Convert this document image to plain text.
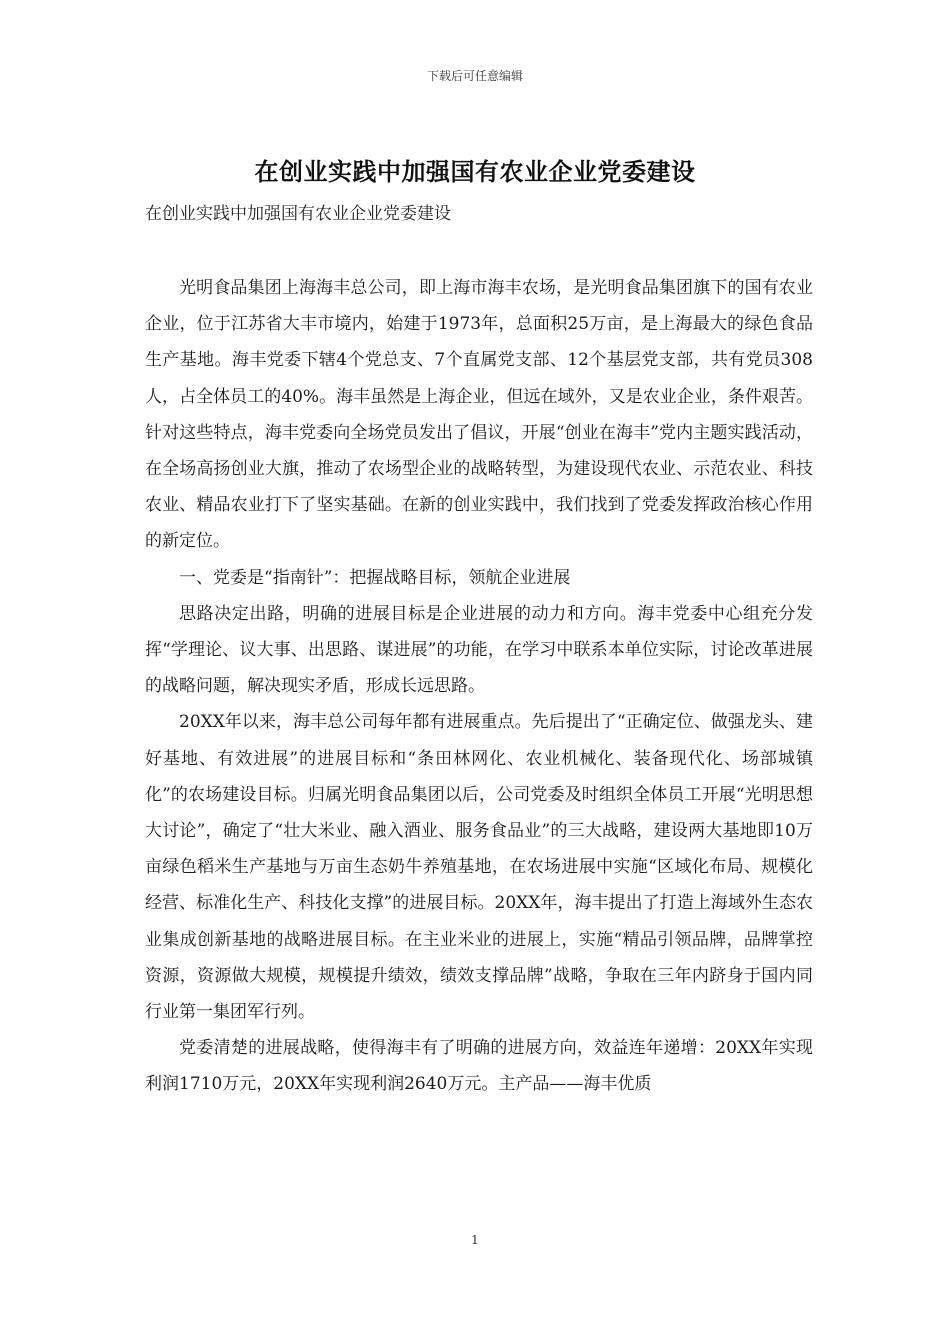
下载后可任意编辑
在创业实践中加强国有农业企业党委建设
在创业实践中加强国有农业企业党委建设

光明食品集团上海海丰总公司，即上海市海丰农场，是光明食品集团旗下的国有农业企业，位于江苏省大丰市境内，始建于1973年，总面积25万亩，是上海最大的绿色食品生产基地。海丰党委下辖4个党总支、7个直属党支部、12个基层党支部，共有党员308人，占全体员工的40%。海丰虽然是上海企业，但远在域外，又是农业企业，条件艰苦。针对这些特点，海丰党委向全场党员发出了倡议，开展“创业在海丰”党内主题实践活动，在全场高扬创业大旗，推动了农场型企业的战略转型，为建设现代农业、示范农业、科技农业、精品农业打下了坚实基础。在新的创业实践中，我们找到了党委发挥政治核心作用的新定位。

一、党委是“指南针”：把握战略目标，领航企业进展

思路决定出路，明确的进展目标是企业进展的动力和方向。海丰党委中心组充分发挥“学理论、议大事、出思路、谋进展”的功能，在学习中联系本单位实际，讨论改革进展的战略问题，解决现实矛盾，形成长远思路。

20XX年以来，海丰总公司每年都有进展重点。先后提出了“正确定位、做强龙头、建好基地、有效进展”的进展目标和“条田林网化、农业机械化、装备现代化、场部城镇化”的农场建设目标。归属光明食品集团以后，公司党委及时组织全体员工开展“光明思想大讨论”，确定了“壮大米业、融入酒业、服务食品业”的三大战略，建设两大基地即10万亩绿色稻米生产基地与万亩生态奶牛养殖基地，在农场进展中实施“区域化布局、规模化经营、标准化生产、科技化支撑”的进展目标。20XX年，海丰提出了打造上海域外生态农业集成创新基地的战略进展目标。在主业米业的进展上，实施“精品引领品牌，品牌掌控资源，资源做大规模，规模提升绩效，绩效支撑品牌”战略，争取在三年内跻身于国内同行业第一集团军行列。

党委清楚的进展战略，使得海丰有了明确的进展方向，效益连年递增：20XX年实现利润1710万元，20XX年实现利润2640万元。主产品——海丰优质

1
